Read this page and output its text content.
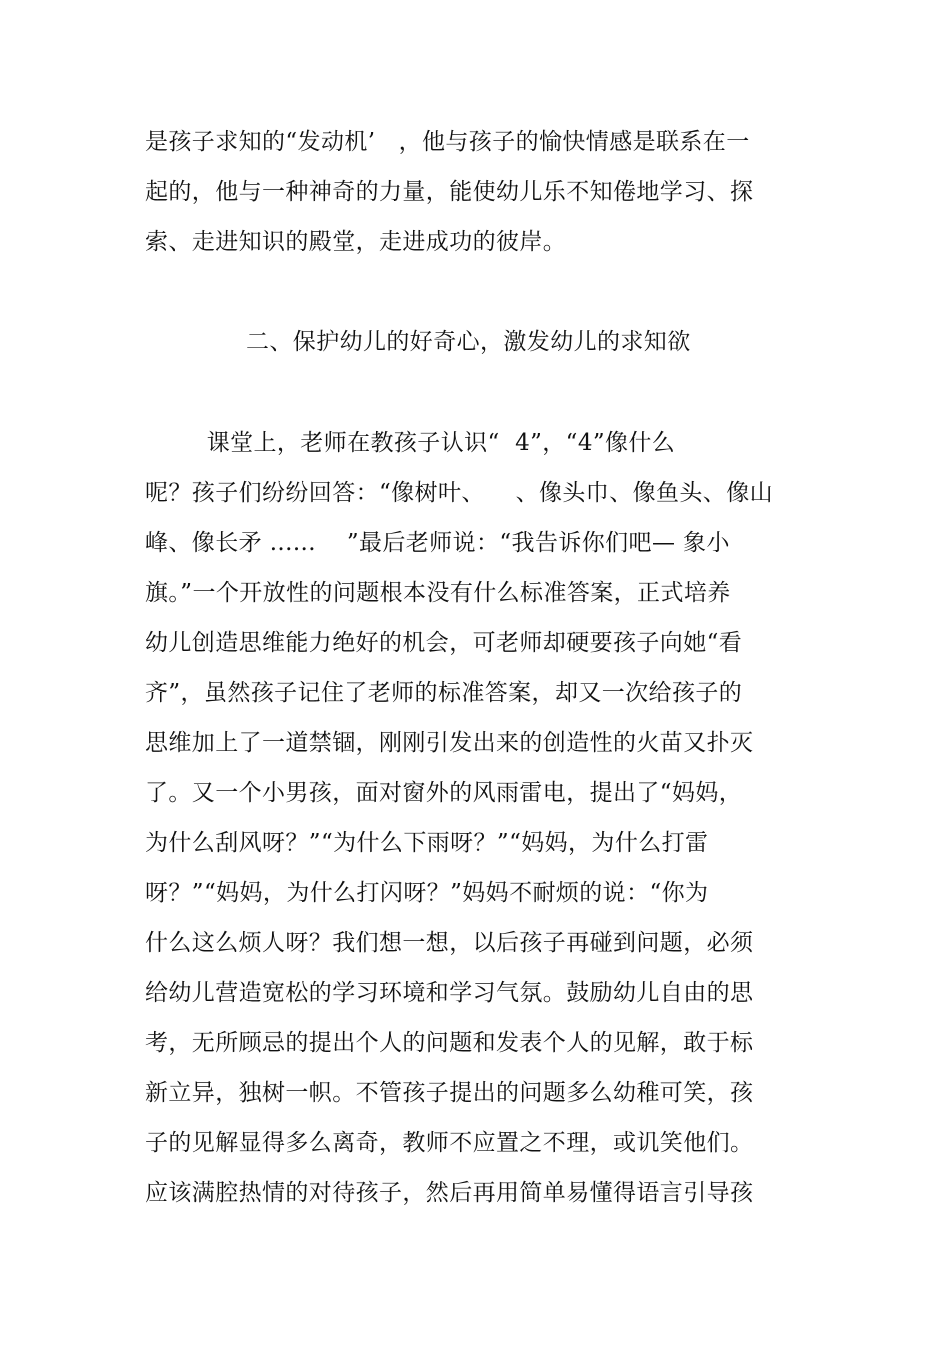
是孩子求知的“发动机’   ，他与孩子的愉快情感是联系在一
起的，他与一种神奇的力量，能使幼儿乐不知倦地学习、探
索、走进知识的殿堂，走进成功的彼岸。
二、保护幼儿的好奇心，激发幼儿的求知欲
课堂上，老师在教孩子认识“  4”，“4”像什么
呢？孩子们纷纷回答：“像树叶、    、像头巾、像鱼头、像山
峰、像长矛 ......    ”最后老师说：“我告诉你们吧— 象小
旗。”一个开放性的问题根本没有什么标准答案，正式培养
幼儿创造思维能力绝好的机会，可老师却硬要孩子向她“看
齐”，虽然孩子记住了老师的标准答案，却又一次给孩子的
思维加上了一道禁锢，刚刚引发出来的创造性的火苗又扑灭
了。又一个小男孩，面对窗外的风雨雷电，提出了“妈妈，
为什么刮风呀？”“为什么下雨呀？”“妈妈，为什么打雷
呀？”“妈妈，为什么打闪呀？”妈妈不耐烦的说：“你为
什么这么烦人呀？我们想一想，以后孩子再碰到问题，必须
给幼儿营造宽松的学习环境和学习气氛。鼓励幼儿自由的思
考，无所顾忌的提出个人的问题和发表个人的见解，敢于标
新立异，独树一帜。不管孩子提出的问题多么幼稚可笑，孩
子的见解显得多么离奇，教师不应置之不理，或讥笑他们。
应该满腔热情的对待孩子，然后再用简单易懂得语言引导孩
